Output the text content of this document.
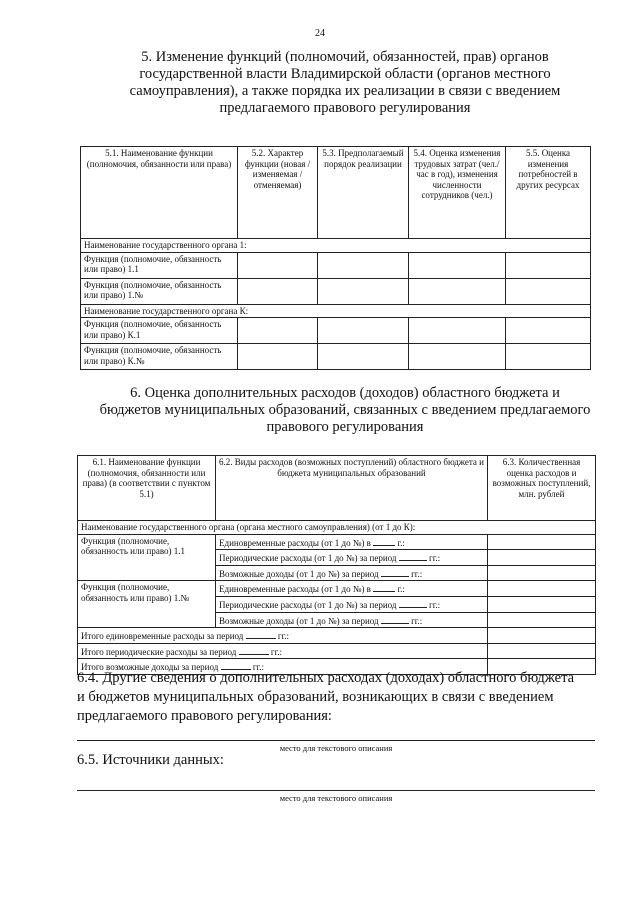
24
5. Изменение функций (полномочий, обязанностей, прав) органов
государственной власти Владимирской области (органов местного
самоуправления), а также порядка их реализации в связи с введением
предлагаемого правового регулирования
5.1. Наименование функции (полномочия, обязанности или права)	5.2. Характер функции (новая / изменяемая / отменяемая)	5.3. Предполагаемый порядок реализации	5.4. Оценка изменения трудовых затрат (чел./час в год), изменения численности сотрудников (чел.)	5.5. Оценка изменения потребностей в других ресурсах
Наименование государственного органа 1:				
Функция (полномочие, обязанность или право) 1.1				
Функция (полномочие, обязанность или право) 1.№				
Наименование государственного органа К:				
Функция (полномочие, обязанность или право) К.1				
Функция (полномочие, обязанность или право) К.№				
6. Оценка дополнительных расходов (доходов) областного бюджета и
бюджетов муниципальных образований, связанных с введением предлагаемого
правового регулирования
6.1. Наименование функции (полномочия, обязанности или права) (в соответствии с пунктом 5.1)	6.2. Виды расходов (возможных поступлений) областного бюджета и бюджета муниципальных образований	6.3. Количественная оценка расходов и возможных поступлений, млн. рублей
Наименование государственного органа (органа местного самоуправления) (от 1 до К):		
Функция (полномочие, обязанность или право) 1.1	Единовременные расходы (от 1 до №) в г.:	
	Периодические расходы (от 1 до №) за период гг.:	
	Возможные доходы (от 1 до №) за период гг.:	
Функция (полномочие, обязанность или право) 1.№	Единовременные расходы (от 1 до №) в г.:	
	Периодические расходы (от 1 до №) за период гг.:	
	Возможные доходы (от 1 до №) за период гг.:	
Итого единовременные расходы за период гг.:		
Итого периодические расходы за период гг.:		
Итого возможные доходы за период гг.:		
6.4. Другие сведения о дополнительных расходах (доходах) областного бюджета
и бюджетов муниципальных образований, возникающих в связи с введением
предлагаемого правового регулирования:
место для текстового описания
6.5. Источники данных:
место для текстового описания
